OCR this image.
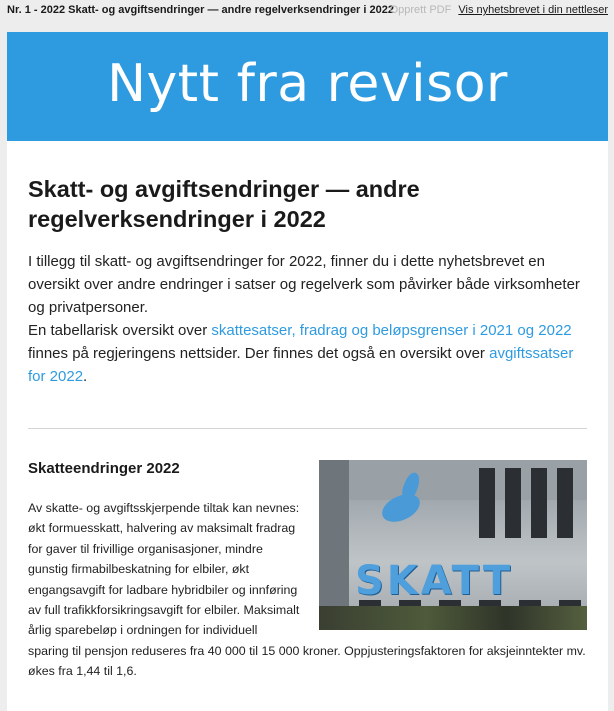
Nr. 1 - 2022 Skatt- og avgiftsendringer — andre regelverksendringer i 2022
Opprett PDF Vis nyhetsbrevet i din nettleser
Nytt fra revisor
Skatt- og avgiftsendringer — andre regelverksendringer i 2022
I tillegg til skatt- og avgiftsendringer for 2022, finner du i dette nyhetsbrevet en oversikt over andre endringer i satser og regelverk som påvirker både virksomheter og privatpersoner.
En tabellarisk oversikt over skattesatser, fradrag og beløpsgrenser i 2021 og 2022 finnes på regjeringens nettsider. Der finnes det også en oversikt over avgiftssatser for 2022.
Skatteendringer 2022
SKATT

Av skatte- og avgiftsskjerpende tiltak kan nevnes: økt formuesskatt, halvering av maksimalt fradrag for gaver til frivillige organisasjoner, mindre gunstig firmabilbeskatning for elbiler, økt engangsavgift for ladbare hybridbiler og innføring av full trafikkforsikringsavgift for elbiler. Maksimalt årlig sparebeløp i ordningen for individuell sparing til pensjon reduseres fra 40 000 til 15 000 kroner. Oppjusteringsfaktoren for aksjeinntekter mv. økes fra 1,44 til 1,6.
